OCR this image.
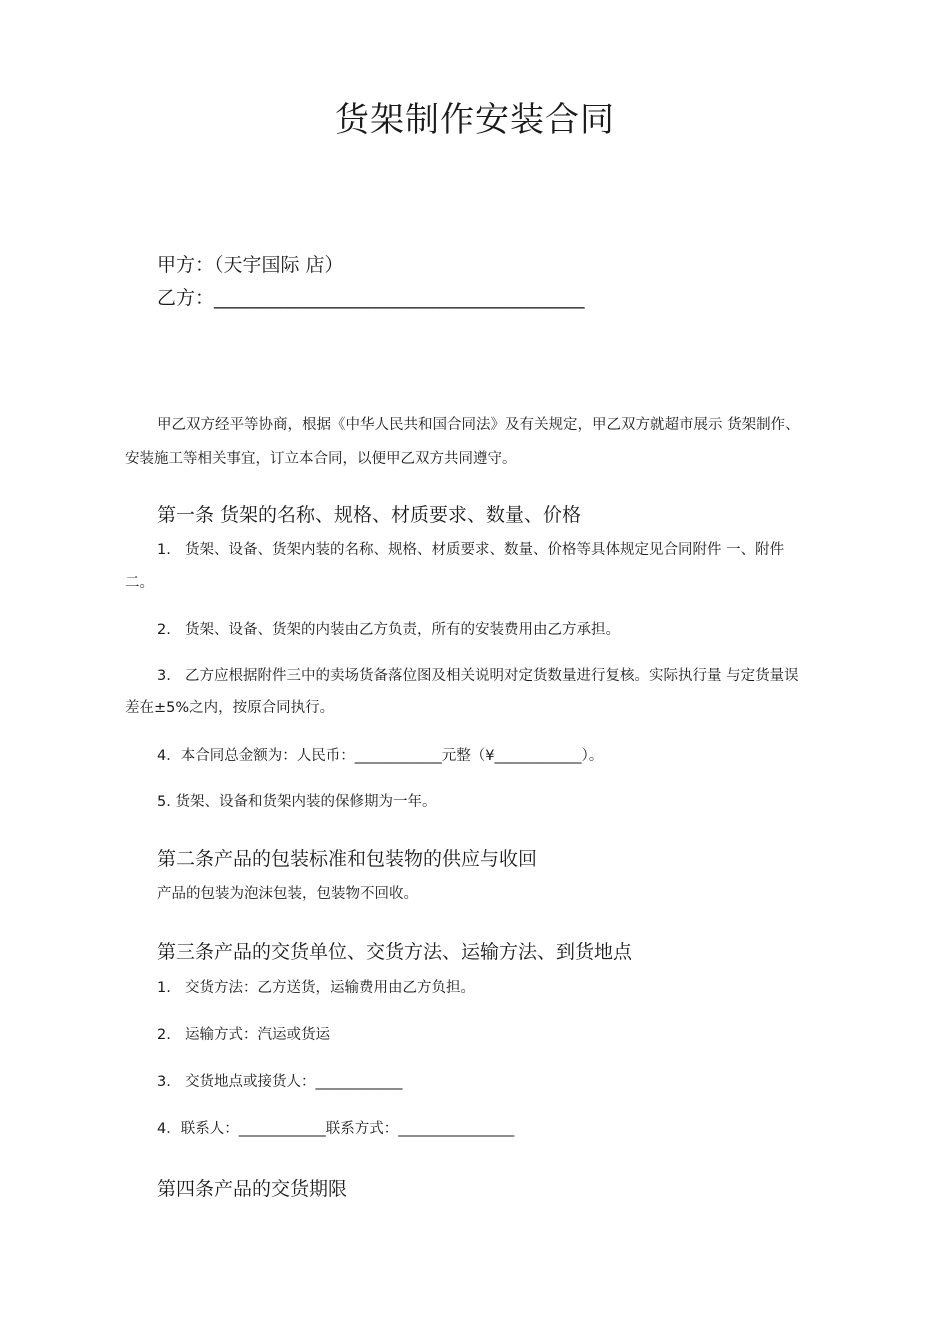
货架制作安装合同
甲方：（天宇国际 店）
乙方：_______________________________________
甲乙双方经平等协商，根据《中华人民共和国合同法》及有关规定，甲乙双方就超市展示 货架制作、
安装施工等相关事宜，订立本合同，以便甲乙双方共同遵守。
第一条 货架的名称、规格、材质要求、数量、价格
1. 货架、设备、货架内装的名称、规格、材质要求、数量、价格等具体规定见合同附件 一、附件
二。
2. 货架、设备、货架的内装由乙方负责，所有的安装费用由乙方承担。
3. 乙方应根据附件三中的卖场货备落位图及相关说明对定货数量进行复核。实际执行量 与定货量误
差在±5%之内，按原合同执行。
4．本合同总金额为：人民币：____________元整（¥____________）。
5. 货架、设备和货架内装的保修期为一年。
第二条产品的包装标准和包装物的供应与收回
产品的包装为泡沫包装，包装物不回收。
第三条产品的交货单位、交货方法、运输方法、到货地点
1. 交货方法：乙方送货，运输费用由乙方负担。
2. 运输方式：汽运或货运
3. 交货地点或接货人：____________
4．联系人：____________联系方式：________________
第四条产品的交货期限
